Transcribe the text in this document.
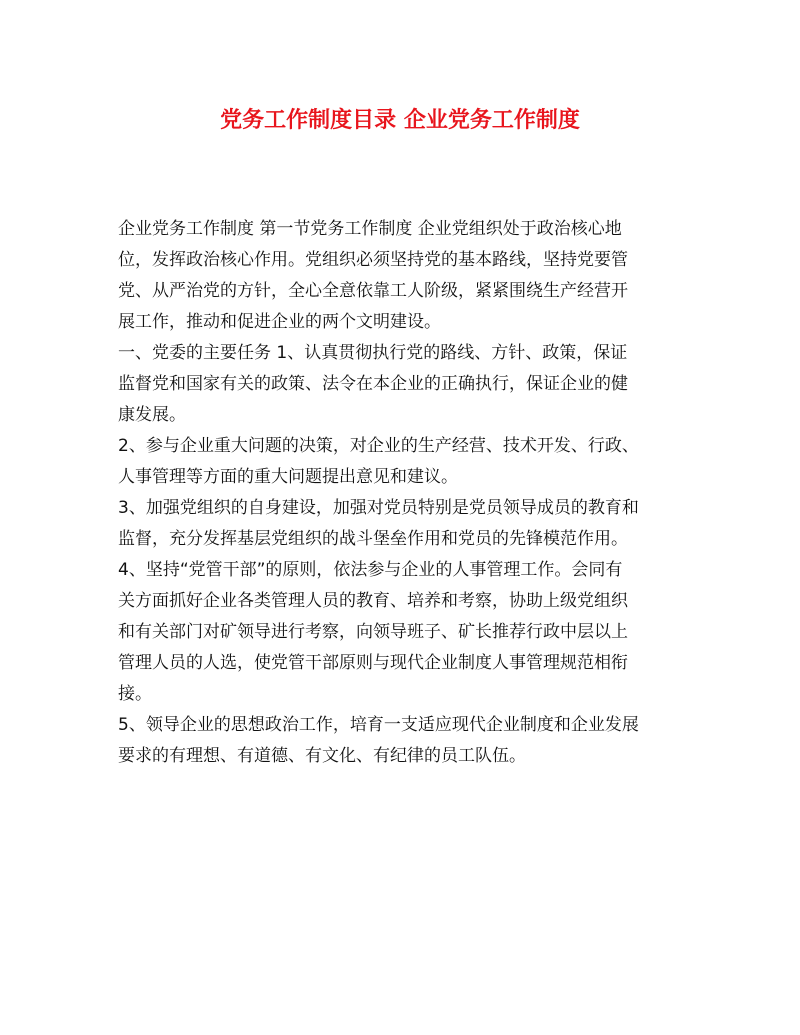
党务工作制度目录 企业党务工作制度

企业党务工作制度 第一节党务工作制度 企业党组织处于政治核心地
位，发挥政治核心作用。党组织必须坚持党的基本路线，坚持党要管
党、从严治党的方针，全心全意依靠工人阶级，紧紧围绕生产经营开
展工作，推动和促进企业的两个文明建设。

一、党委的主要任务 1、认真贯彻执行党的路线、方针、政策，保证
监督党和国家有关的政策、法令在本企业的正确执行，保证企业的健
康发展。

2、参与企业重大问题的决策，对企业的生产经营、技术开发、行政、
人事管理等方面的重大问题提出意见和建议。

3、加强党组织的自身建设，加强对党员特别是党员领导成员的教育和
监督，充分发挥基层党组织的战斗堡垒作用和党员的先锋模范作用。

4、坚持“党管干部”的原则，依法参与企业的人事管理工作。会同有
关方面抓好企业各类管理人员的教育、培养和考察，协助上级党组织
和有关部门对矿领导进行考察，向领导班子、矿长推荐行政中层以上
管理人员的人选，使党管干部原则与现代企业制度人事管理规范相衔
接。

5、领导企业的思想政治工作，培育一支适应现代企业制度和企业发展
要求的有理想、有道德、有文化、有纪律的员工队伍。
